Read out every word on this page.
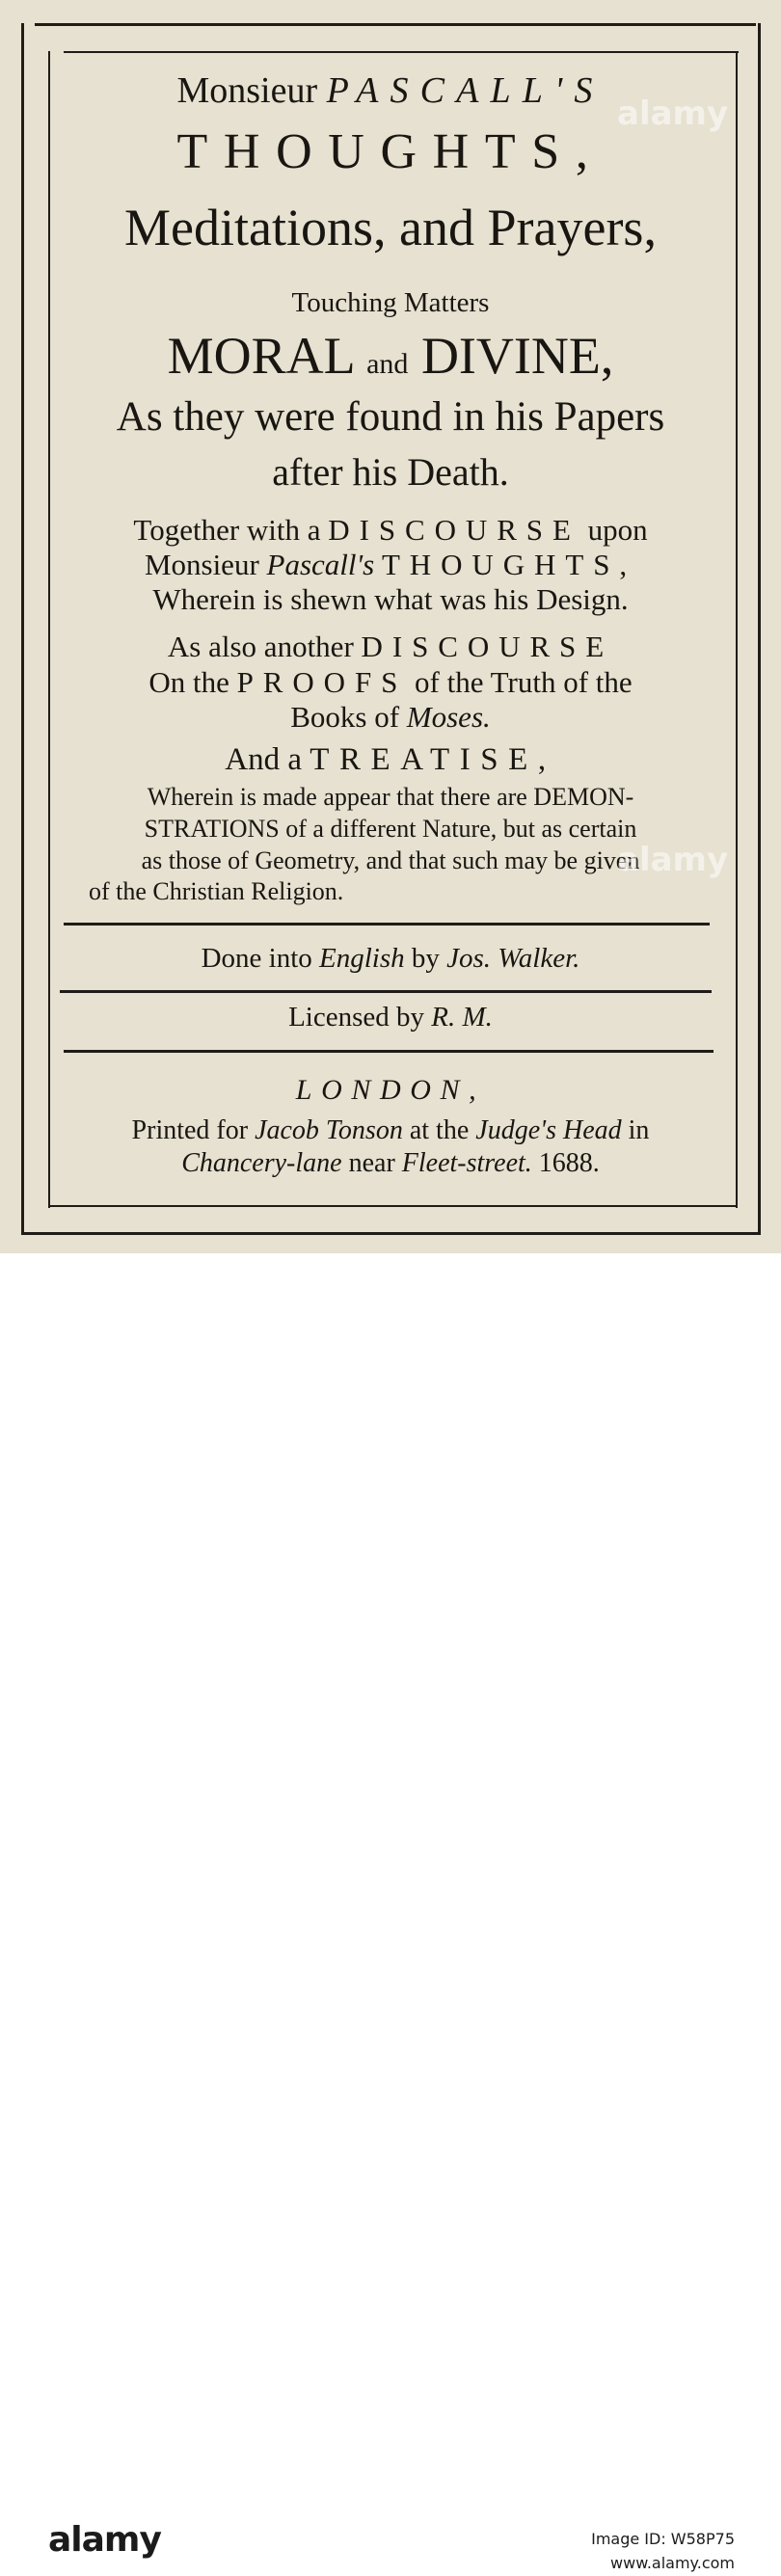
Monsieur PASCALL'S
THOUGHTS,
Meditations, and Prayers,
Touching Matters
MORAL and DIVINE,
As they were found in his Papers
after his Death.
Together with a DISCOURSE upon
Monsieur Pascall's THOUGHTS,
Wherein is shewn what was his Design.
As also another DISCOURSE
On the PROOFS of the Truth of the
Books of Moses.
And a TREATISE,
Wherein is made appear that there are DEMON-
STRATIONS of a different Nature, but as certain
as those of Geometry, and that such may be given
of the Christian Religion.
Done into English by Jos. Walker.
Licensed by R. M.
LONDON,
Printed for Jacob Tonson at the Judge's Head in
Chancery-lane near Fleet-street. 1688.
alamy
alamy
alamy	Image ID: W58P75
www.alamy.com
